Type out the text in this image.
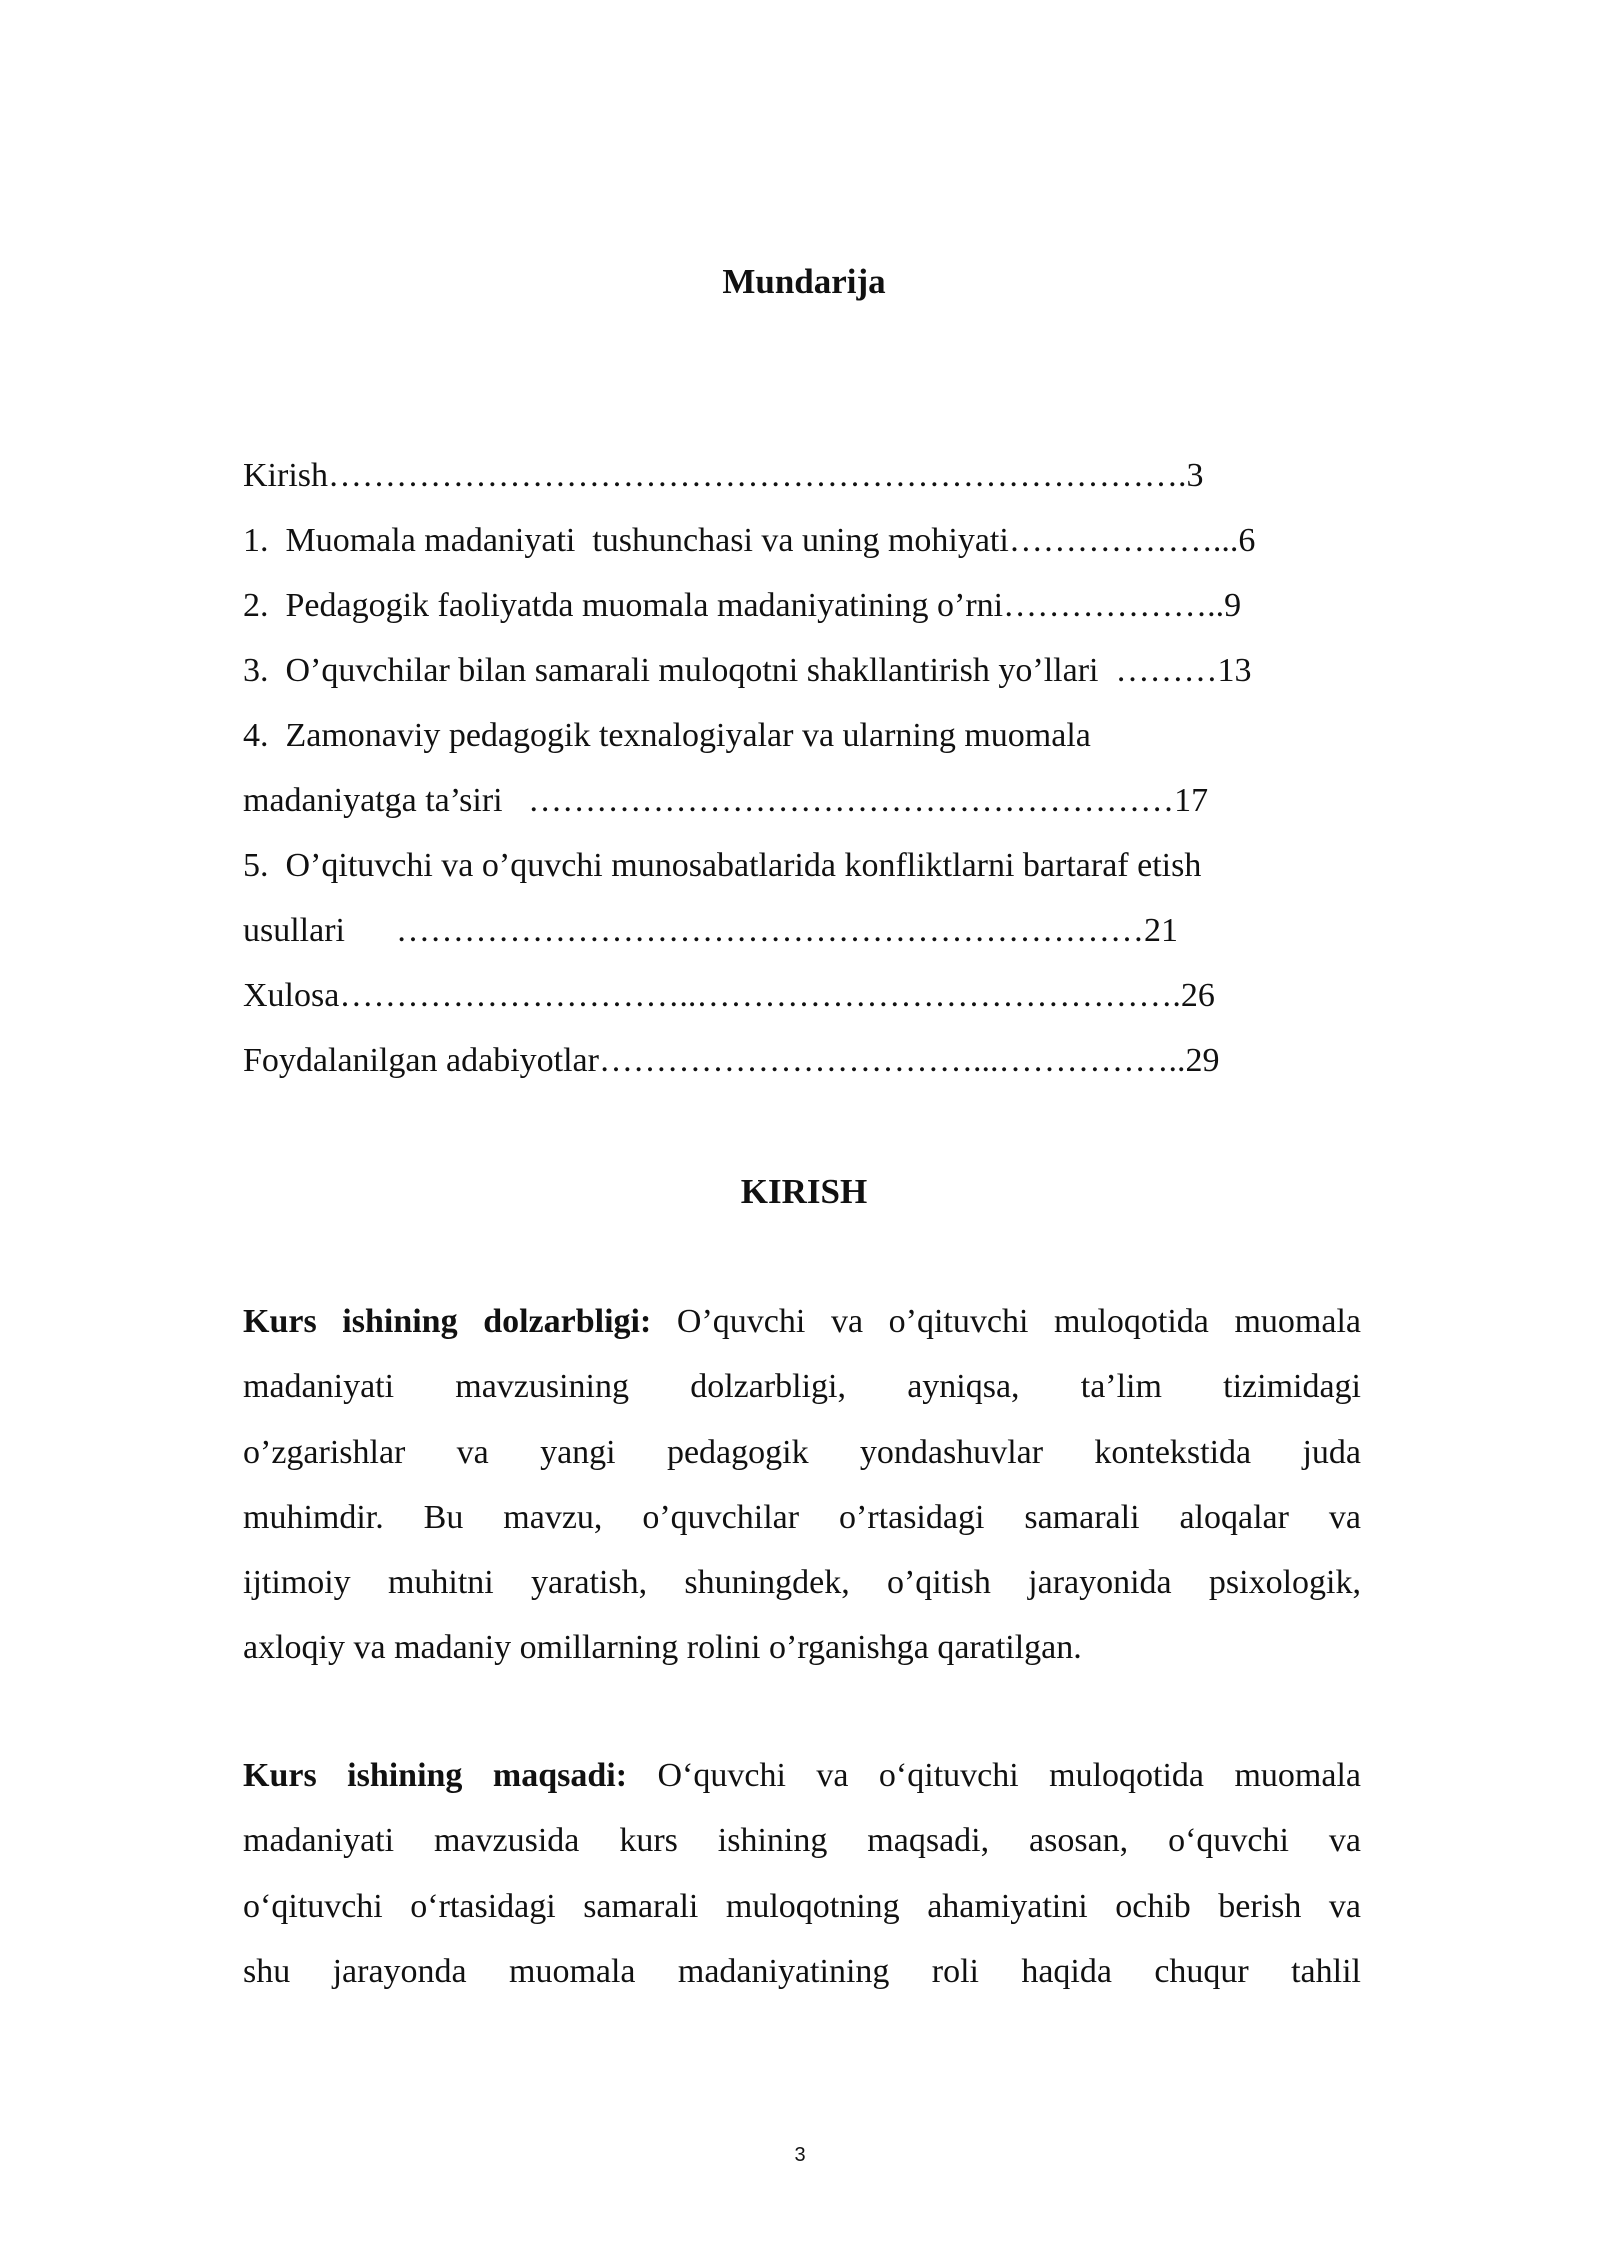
Mundarija
Kirish………………………………………………………………….3
1.  Muomala madaniyati  tushunchasi va uning mohiyati………………...6
2.  Pedagogik faoliyatda muomala madaniyatining o’rni………………..9
3.  O’quvchilar bilan samarali muloqotni shakllantirish yo’llari  ………13
4.  Zamonaviy pedagogik texnalogiyalar va ularning muomala
madaniyatga ta’siri   …………………………………………………17
5.  O’qituvchi va o’quvchi munosabatlarida konfliktlarni bartaraf etish
usullari      …………………………………………………………21
Xulosa…………………………..…………………………………….26
Foydalanilgan adabiyotlar……………………………...……………..29
KIRISH
Kurs ishining dolzarbligi: O’quvchi va o’qituvchi muloqotida muomala
madaniyati mavzusining dolzarbligi, ayniqsa, ta’lim tizimidagi
o’zgarishlar va yangi pedagogik yondashuvlar kontekstida juda
muhimdir. Bu mavzu, o’quvchilar o’rtasidagi samarali aloqalar va
ijtimoiy muhitni yaratish, shuningdek, o’qitish jarayonida psixologik,
axloqiy va madaniy omillarning rolini o’rganishga qaratilgan.
Kurs ishining maqsadi: O‘quvchi va o‘qituvchi muloqotida muomala
madaniyati mavzusida kurs ishining maqsadi, asosan, o‘quvchi va
o‘qituvchi o‘rtasidagi samarali muloqotning ahamiyatini ochib berish va
shu jarayonda muomala madaniyatining roli haqida chuqur tahlil
3
